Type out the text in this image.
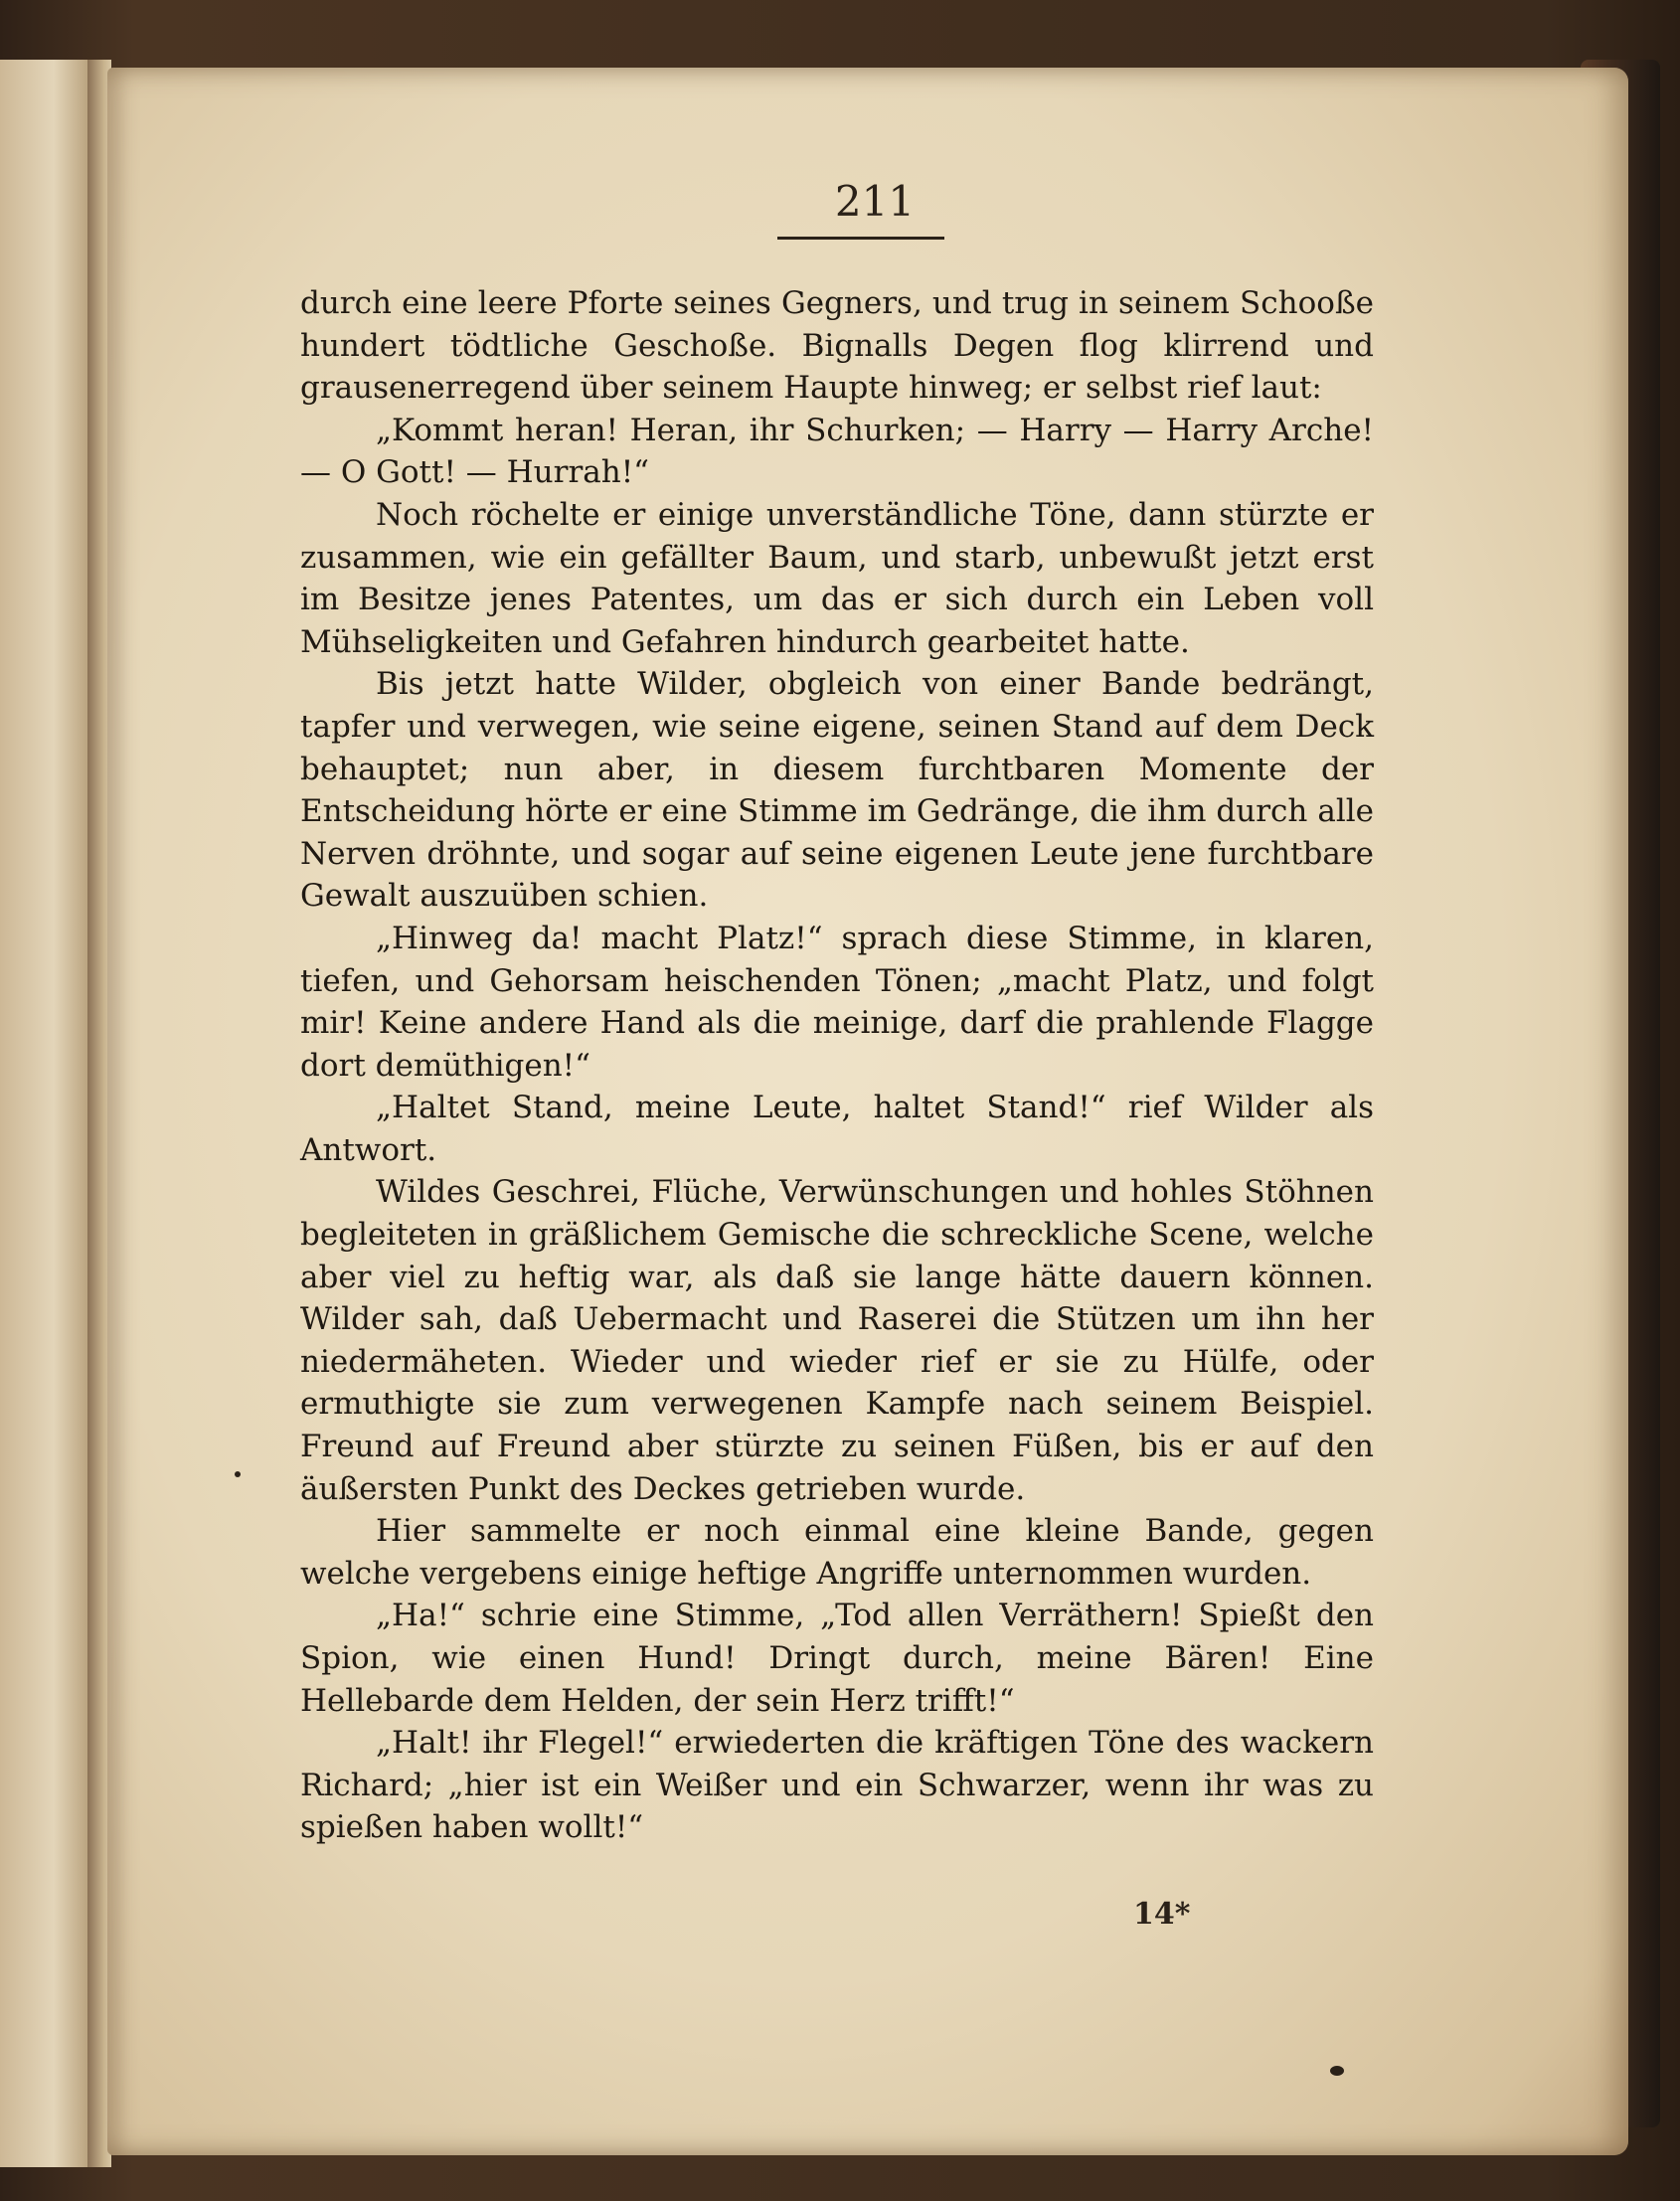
211

durch eine leere Pforte seines Gegners, und trug in seinem Schooße hundert tödtliche Geschoße. Bignalls Degen flog klirrend und grausenerregend über seinem Haupte hinweg; er selbst rief laut:

„Kommt heran! Heran, ihr Schurken; — Harry — Harry Arche! — O Gott! — Hurrah!“

Noch röchelte er einige unverständliche Töne, dann stürzte er zusammen, wie ein gefällter Baum, und starb, unbewußt jetzt erst im Besitze jenes Patentes, um das er sich durch ein Leben voll Mühseligkeiten und Gefahren hindurch gearbeitet hatte.

Bis jetzt hatte Wilder, obgleich von einer Bande bedrängt, tapfer und verwegen, wie seine eigene, seinen Stand auf dem Deck behauptet; nun aber, in diesem furchtbaren Momente der Entscheidung hörte er eine Stimme im Gedränge, die ihm durch alle Nerven dröhnte, und sogar auf seine eigenen Leute jene furchtbare Gewalt auszuüben schien.

„Hinweg da! macht Platz!“ sprach diese Stimme, in klaren, tiefen, und Gehorsam heischenden Tönen; „macht Platz, und folgt mir! Keine andere Hand als die meinige, darf die prahlende Flagge dort demüthigen!“

„Haltet Stand, meine Leute, haltet Stand!“ rief Wilder als Antwort.

Wildes Geschrei, Flüche, Verwünschungen und hohles Stöhnen begleiteten in gräßlichem Gemische die schreckliche Scene, welche aber viel zu heftig war, als daß sie lange hätte dauern können. Wilder sah, daß Uebermacht und Raserei die Stützen um ihn her niedermäheten. Wieder und wieder rief er sie zu Hülfe, oder ermuthigte sie zum verwegenen Kampfe nach seinem Beispiel. Freund auf Freund aber stürzte zu seinen Füßen, bis er auf den äußersten Punkt des Deckes getrieben wurde.

Hier sammelte er noch einmal eine kleine Bande, gegen welche vergebens einige heftige Angriffe unternommen wurden.

„Ha!“ schrie eine Stimme, „Tod allen Verräthern! Spießt den Spion, wie einen Hund! Dringt durch, meine Bären! Eine Hellebarde dem Helden, der sein Herz trifft!“

„Halt! ihr Flegel!“ erwiederten die kräftigen Töne des wackern Richard; „hier ist ein Weißer und ein Schwarzer, wenn ihr was zu spießen haben wollt!“

14*
